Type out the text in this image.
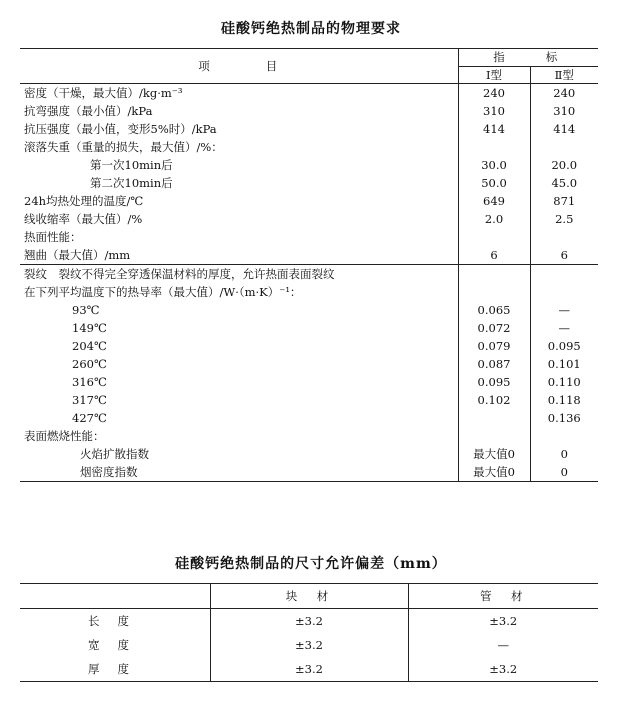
硅酸钙绝热制品的物理要求
项　　　　目	指　　标	
	Ⅰ型	Ⅱ型
密度（干燥，最大值）/kg·m⁻³	240	240
抗弯强度（最小值）/kPa	310	310
抗压强度（最小值，变形5%时）/kPa	414	414
滚落失重（重量的损失，最大值）/%：		
第一次10min后	30.0	20.0
第二次10min后	50.0	45.0
24h均热处理的温度/℃	649	871
线收缩率（最大值）/%	2.0	2.5
热面性能：		
翘曲（最大值）/mm	6	6
裂纹　裂纹不得完全穿透保温材料的厚度，允许热面表面裂纹		
在下列平均温度下的热导率（最大值）/W·（m·K）⁻¹：		
93℃	0.065	—
149℃	0.072	—
204℃	0.079	0.095
260℃	0.087	0.101
316℃	0.095	0.110
317℃	0.102	0.118
427℃		0.136
表面燃烧性能：		
火焰扩散指数	最大值0	0
烟密度指数	最大值0	0
硅酸钙绝热制品的尺寸允许偏差（mm）
	块　材	管　材
长度	±3.2	±3.2
宽度	±3.2	—
厚度	±3.2	±3.2
